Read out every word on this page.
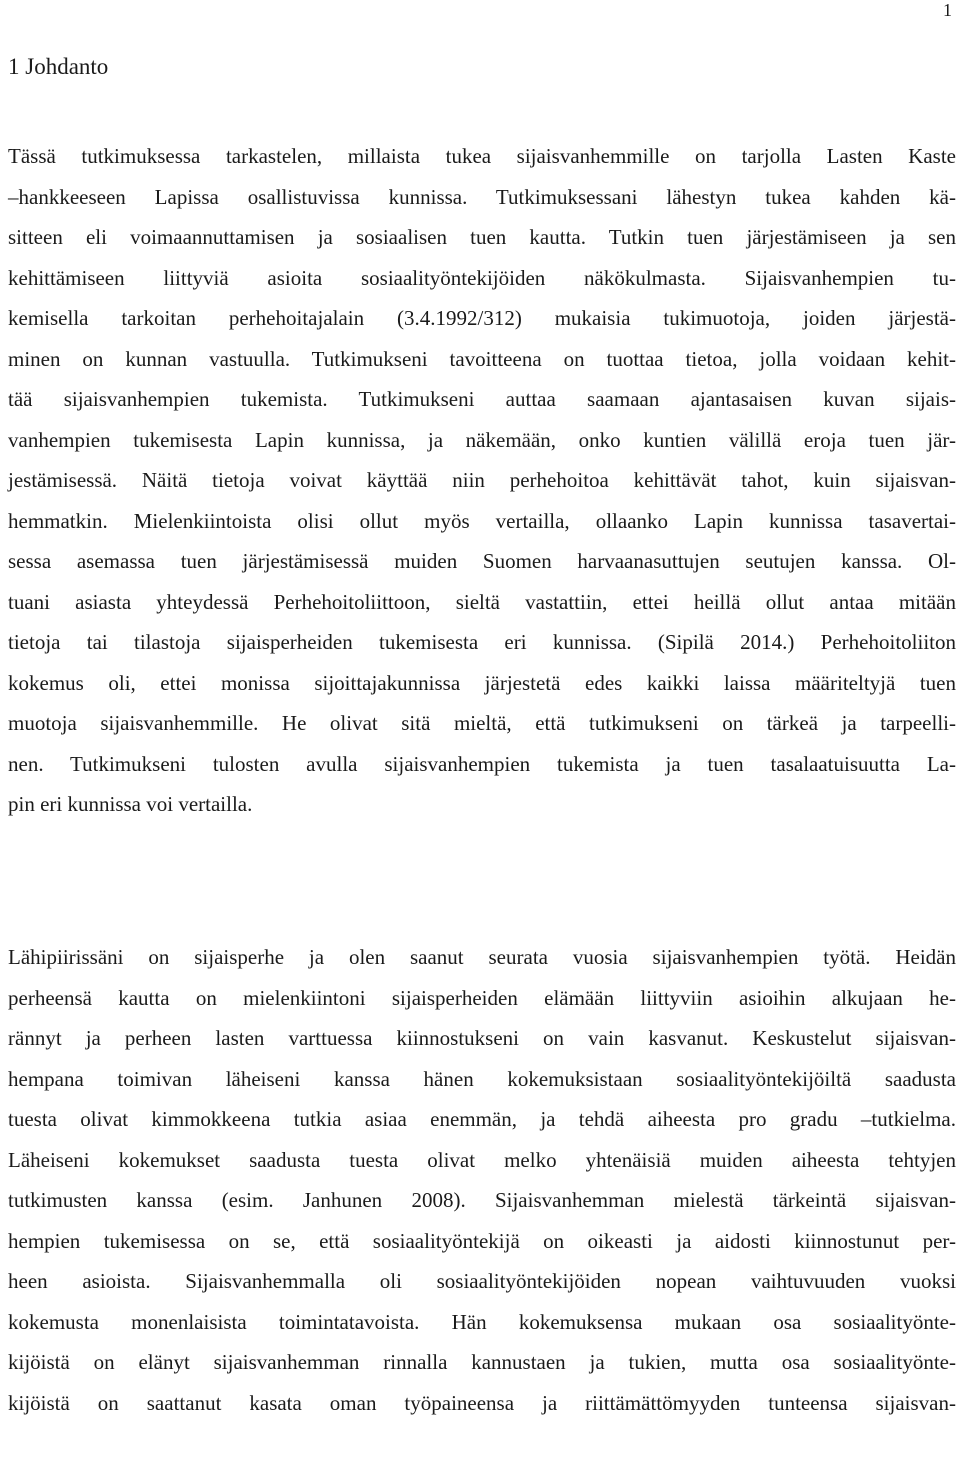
1
1 Johdanto
Tässä tutkimuksessa tarkastelen, millaista tukea sijaisvanhemmille on tarjolla Lasten Kaste
–hankkeeseen Lapissa osallistuvissa kunnissa. Tutkimuksessani lähestyn tukea kahden kä-
sitteen eli voimaannuttamisen ja sosiaalisen tuen kautta. Tutkin tuen järjestämiseen ja sen
kehittämiseen liittyviä asioita sosiaalityöntekijöiden näkökulmasta. Sijaisvanhempien tu-
kemisella tarkoitan perhehoitajalain (3.4.1992/312) mukaisia tukimuotoja, joiden järjestä-
minen on kunnan vastuulla. Tutkimukseni tavoitteena on tuottaa tietoa, jolla voidaan kehit-
tää sijaisvanhempien tukemista. Tutkimukseni auttaa saamaan ajantasaisen kuvan sijais-
vanhempien tukemisesta Lapin kunnissa, ja näkemään, onko kuntien välillä eroja tuen jär-
jestämisessä. Näitä tietoja voivat käyttää niin perhehoitoa kehittävät tahot, kuin sijaisvan-
hemmatkin. Mielenkiintoista olisi ollut myös vertailla, ollaanko Lapin kunnissa tasavertai-
sessa asemassa tuen järjestämisessä muiden Suomen harvaanasuttujen seutujen kanssa. Ol-
tuani asiasta yhteydessä Perhehoitoliittoon, sieltä vastattiin, ettei heillä ollut antaa mitään
tietoja tai tilastoja sijaisperheiden tukemisesta eri kunnissa. (Sipilä 2014.) Perhehoitoliiton
kokemus oli, ettei monissa sijoittajakunnissa järjestetä edes kaikki laissa määriteltyjä tuen
muotoja sijaisvanhemmille. He olivat sitä mieltä, että tutkimukseni on tärkeä ja tarpeelli-
nen. Tutkimukseni tulosten avulla sijaisvanhempien tukemista ja tuen tasalaatuisuutta La-
pin eri kunnissa voi vertailla.
Lähipiirissäni on sijaisperhe ja olen saanut seurata vuosia sijaisvanhempien työtä. Heidän
perheensä kautta on mielenkiintoni sijaisperheiden elämään liittyviin asioihin alkujaan he-
rännyt ja perheen lasten varttuessa kiinnostukseni on vain kasvanut. Keskustelut sijaisvan-
hempana toimivan läheiseni kanssa hänen kokemuksistaan sosiaalityöntekijöiltä saadusta
tuesta olivat kimmokkeena tutkia asiaa enemmän, ja tehdä aiheesta pro gradu –tutkielma.
Läheiseni kokemukset saadusta tuesta olivat melko yhtenäisiä muiden aiheesta tehtyjen
tutkimusten kanssa (esim. Janhunen 2008). Sijaisvanhemman mielestä tärkeintä sijaisvan-
hempien tukemisessa on se, että sosiaalityöntekijä on oikeasti ja aidosti kiinnostunut per-
heen asioista. Sijaisvanhemmalla oli sosiaalityöntekijöiden nopean vaihtuvuuden vuoksi
kokemusta monenlaisista toimintatavoista. Hän kokemuksensa mukaan osa sosiaalityönte-
kijöistä on elänyt sijaisvanhemman rinnalla kannustaen ja tukien, mutta osa sosiaalityönte-
kijöistä on saattanut kasata oman työpaineensa ja riittämättömyyden tunteensa sijaisvan-
